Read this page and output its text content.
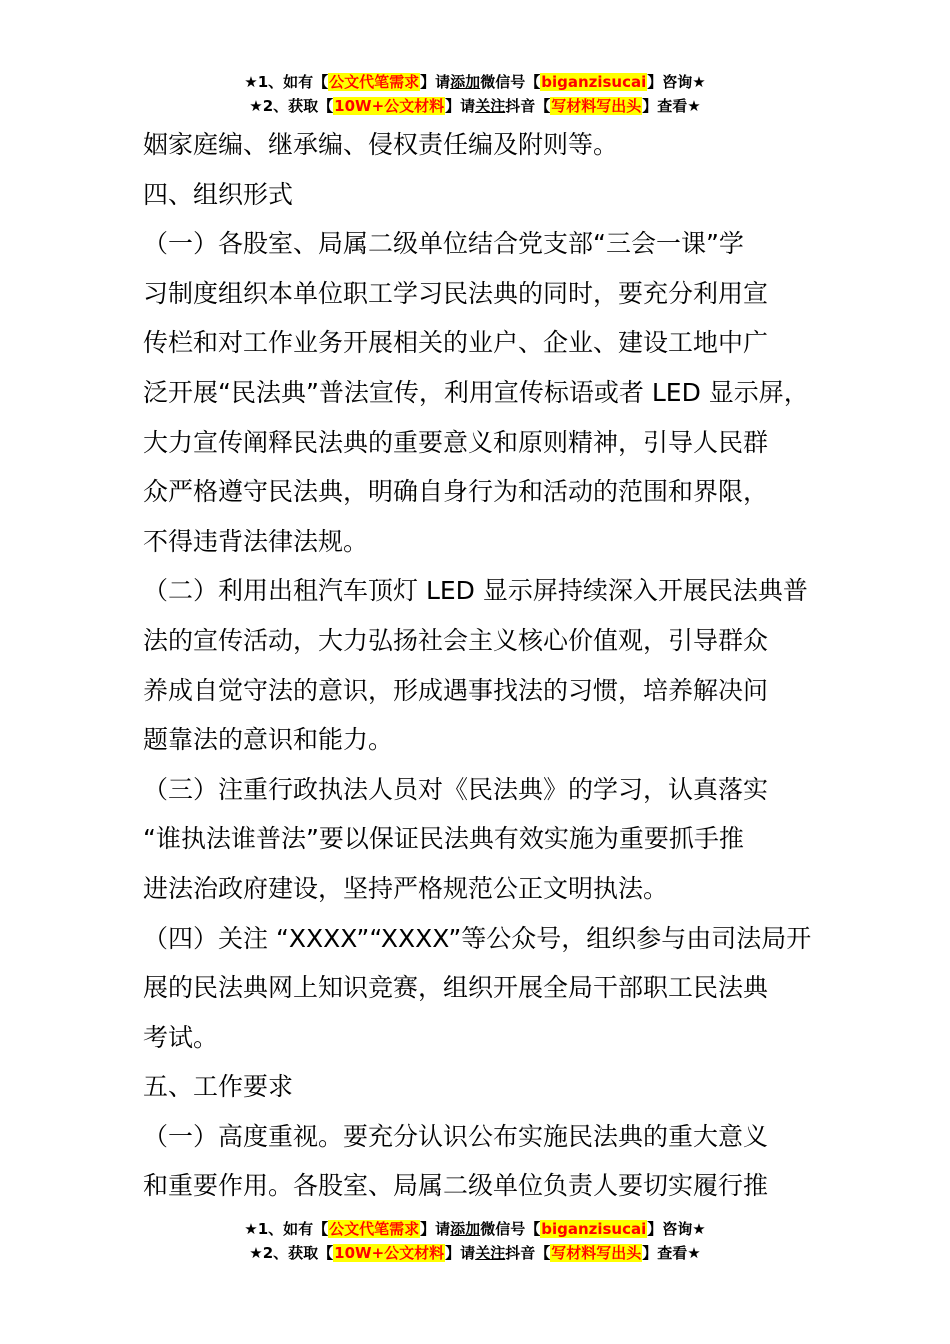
★1、如有【公文代笔需求】请添加微信号【biganzisucai】咨询★
★2、获取【10W+公文材料】请关注抖音【写材料写出头】查看★
姻家庭编、继承编、侵权责任编及附则等。
四、组织形式
（一）各股室、局属二级单位结合党支部“三会一课”学
习制度组织本单位职工学习民法典的同时，要充分利用宣
传栏和对工作业务开展相关的业户、企业、建设工地中广
泛开展“民法典”普法宣传，利用宣传标语或者 LED 显示屏，
大力宣传阐释民法典的重要意义和原则精神，引导人民群
众严格遵守民法典，明确自身行为和活动的范围和界限，
不得违背法律法规。
（二）利用出租汽车顶灯 LED 显示屏持续深入开展民法典普
法的宣传活动，大力弘扬社会主义核心价值观，引导群众
养成自觉守法的意识，形成遇事找法的习惯，培养解决问
题靠法的意识和能力。
（三）注重行政执法人员对《民法典》的学习，认真落实
“谁执法谁普法”要以保证民法典有效实施为重要抓手推
进法治政府建设，坚持严格规范公正文明执法。
（四）关注 “XXXX”“XXXX”等公众号，组织参与由司法局开
展的民法典网上知识竞赛，组织开展全局干部职工民法典
考试。
五、工作要求
（一）高度重视。要充分认识公布实施民法典的重大意义
和重要作用。各股室、局属二级单位负责人要切实履行推
★1、如有【公文代笔需求】请添加微信号【biganzisucai】咨询★
★2、获取【10W+公文材料】请关注抖音【写材料写出头】查看★
